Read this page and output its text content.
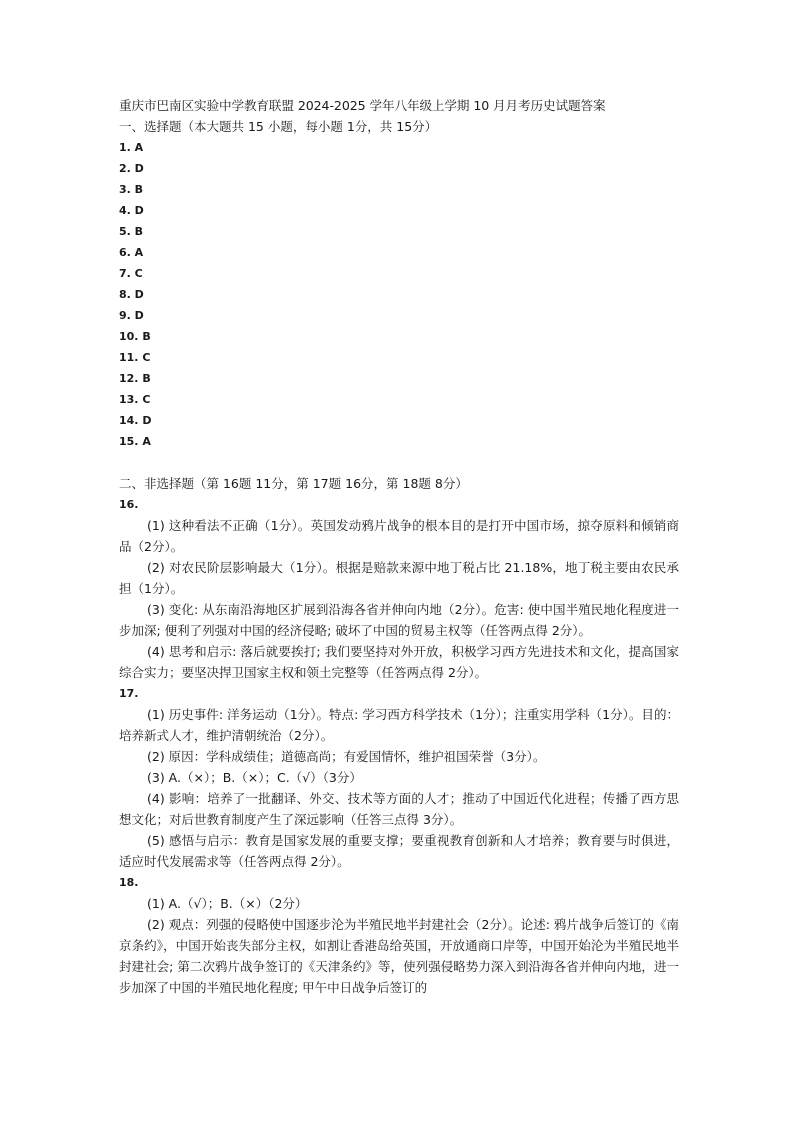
重庆市巴南区实验中学教育联盟 2024-2025 学年八年级上学期 10 月月考历史试题答案
一、选择题（本大题共 15 小题，每小题 1分，共 15分）
1. A
2. D
3. B
4. D
5. B
6. A
7. C
8. D
9. D
10. B
11. C
12. B
13. C
14. D
15. A
二、非选择题（第 16题 11分，第 17题 16分，第 18题 8分）
16.
(1) 这种看法不正确（1分）。英国发动鸦片战争的根本目的是打开中国市场，掠夺原料和倾销商品（2分）。
(2) 对农民阶层影响最大（1分）。根据是赔款来源中地丁税占比 21.18%，地丁税主要由农民承担（1分）。
(3) 变化: 从东南沿海地区扩展到沿海各省并伸向内地（2分）。危害: 使中国半殖民地化程度进一步加深; 便利了列强对中国的经济侵略; 破坏了中国的贸易主权等（任答两点得 2分）。
(4) 思考和启示: 落后就要挨打; 我们要坚持对外开放，积极学习西方先进技术和文化，提高国家综合实力；要坚决捍卫国家主权和领土完整等（任答两点得 2分）。
17.
(1) 历史事件: 洋务运动（1分）。特点: 学习西方科学技术（1分）；注重实用学科（1分）。目的：培养新式人才，维护清朝统治（2分）。
(2) 原因：学科成绩佳；道德高尚；有爱国情怀，维护祖国荣誉（3分）。
(3) A.（×）；B.（×）；C.（√）（3分）
(4) 影响：培养了一批翻译、外交、技术等方面的人才；推动了中国近代化进程；传播了西方思想文化；对后世教育制度产生了深远影响（任答三点得 3分）。
(5) 感悟与启示：教育是国家发展的重要支撑；要重视教育创新和人才培养；教育要与时俱进，适应时代发展需求等（任答两点得 2分）。
18.
(1) A.（√）；B.（×）（2分）
(2) 观点：列强的侵略使中国逐步沦为半殖民地半封建社会（2分）。论述: 鸦片战争后签订的《南京条约》，中国开始丧失部分主权，如割让香港岛给英国，开放通商口岸等，中国开始沦为半殖民地半封建社会; 第二次鸦片战争签订的《天津条约》等，使列强侵略势力深入到沿海各省并伸向内地，进一步加深了中国的半殖民地化程度; 甲午中日战争后签订的
